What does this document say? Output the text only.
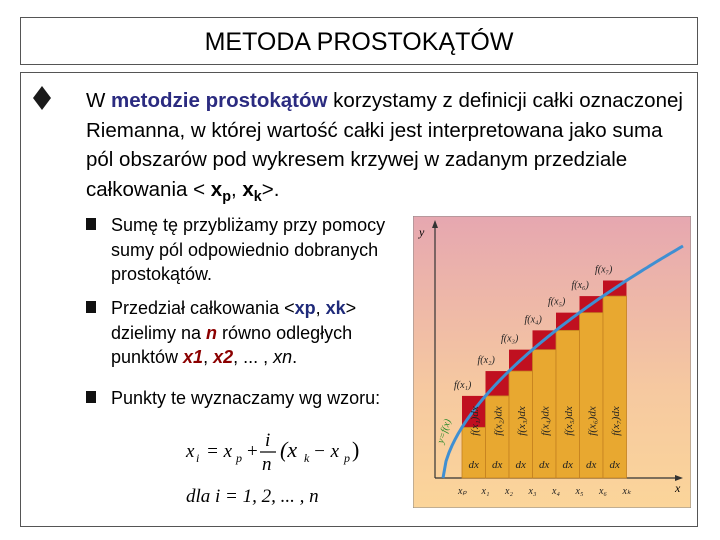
METODA PROSTOKĄTÓW
W metodzie prostokątów korzystamy z definicji całki oznaczonej Riemanna, w której wartość całki jest interpretowana jako suma pól obszarów pod wykresem krzywej w zadanym przedziale całkowania < $x_p$, $x_k>$.
Sumę tę przybliżamy przy pomocy sumy pól odpowiednio dobranych prostokątów.
Przedział całkowania <xp, xk> dzielimy na n równo odległych punktów x1, x2, ... , xn.
Punkty te wyznaczamy wg wzoru:
x i = x p +
i
n
(x k − x p )
dla i = 1, 2, ... , n
y
x
f(x₁)dx
dx
f(x₁)
f(x₂)dx
dx
f(x₂)
f(x₃)dx
dx
f(x₃)
f(x₄)dx
dx
f(x₄)
f(x₅)dx
dx
f(x₅)
f(x₆)dx
dx
f(x₆)
f(x₇)dx
dx
f(x₇)
xₚ x₁ x₂ x₃ x₄ x₅ x₆ xₖ
y=f(x)
